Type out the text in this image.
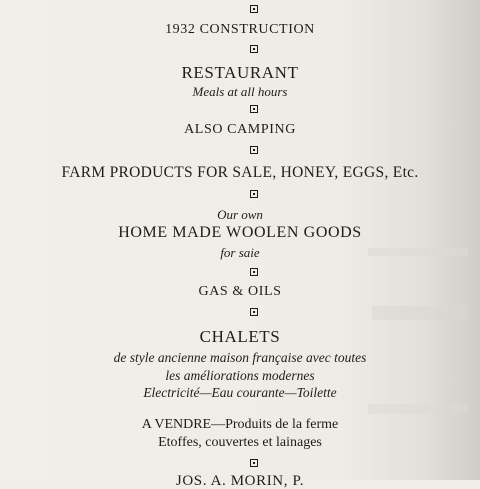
1932 CONSTRUCTION
RESTAURANT
Meals at all hours
ALSO CAMPING
FARM PRODUCTS FOR SALE, HONEY, EGGS, Etc.
Our own
HOME MADE WOOLEN GOODS
for saie
GAS & OILS
CHALETS
de style ancienne maison française avec toutes
les améliorations modernes
Electricité—Eau courante—Toilette
A VENDRE—Produits de la ferme
Etoffes, couvertes et lainages
JOS. A. MORIN, P.
